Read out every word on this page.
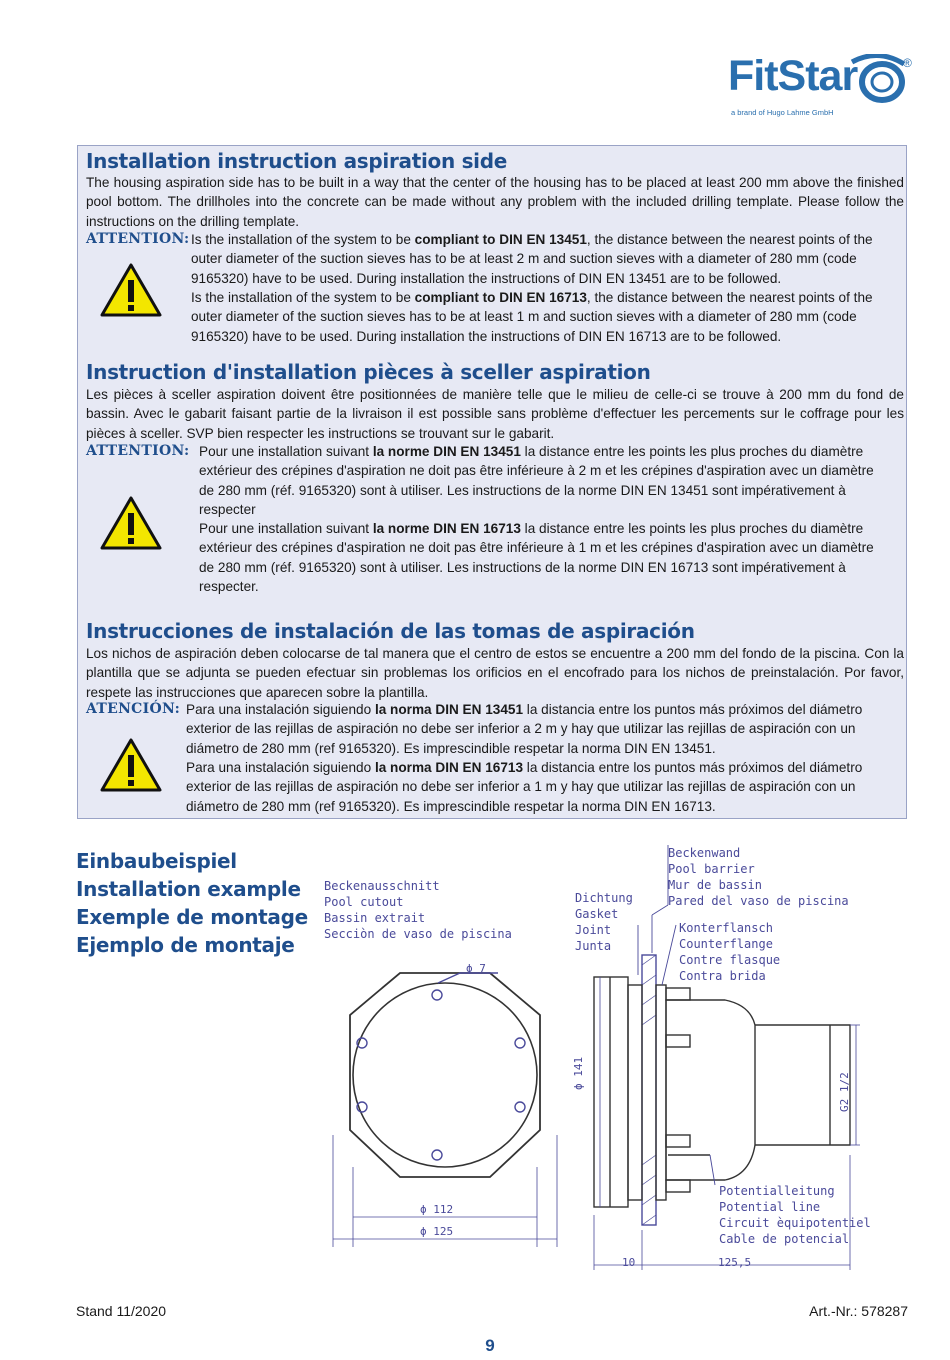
FitStar	®
a brand of Hugo Lahme GmbH
Installation instruction aspiration side
The housing aspiration side has to be built in a way that the center of the housing has to be placed at least 200 mm above the finished pool bottom. The drillholes into the concrete can be made without any problem with the included drilling template. Please follow the instructions on the drilling template.
ATTENTION: Is the installation of the system to be compliant to DIN EN 13451, the distance between the nearest points of the outer diameter of the suction sieves has to be at least 2 m and suction sieves with a diameter of 280 mm (code 9165320) have to be used. During installation the instructions of DIN EN 13451 are to be followed.
Is the installation of the system to be compliant to DIN EN 16713, the distance between the nearest points of the outer diameter of the suction sieves has to be at least 1 m and suction sieves with a diameter of 280 mm (code 9165320) have to be used. During installation the instructions of DIN EN 16713 are to be followed.
Instruction d'installation pièces à sceller aspiration
Les pièces à sceller aspiration doivent être positionnées de manière telle que le milieu de celle-ci se trouve à 200 mm du fond de bassin. Avec le gabarit faisant partie de la livraison il est possible sans problème d'effectuer les percements sur le coffrage pour les pièces à sceller. SVP bien respecter les instructions se trouvant sur le gabarit.
ATTENTION: Pour une installation suivant la norme DIN EN 13451 la distance entre les points les plus proches du diamètre extérieur des crépines d'aspiration ne doit pas être inférieure à 2 m et les crépines d'aspiration avec un diamètre de 280 mm (réf. 9165320) sont à utiliser. Les instructions de la norme DIN EN 13451 sont impérativement à respecter
Pour une installation suivant la norme DIN EN 16713 la distance entre les points les plus proches du diamètre extérieur des crépines d'aspiration ne doit pas être inférieure à 1 m et les crépines d'aspiration avec un diamètre de 280 mm (réf. 9165320) sont à utiliser. Les instructions de la norme DIN EN 16713 sont impérativement à respecter.
Instrucciones de instalación de las tomas de aspiración
Los nichos de aspiración deben colocarse de tal manera que el centro de estos se encuentre a 200 mm del fondo de la piscina. Con la plantilla que se adjunta se pueden efectuar sin problemas los orificios en el encofrado para los nichos de preinstalación. Por favor, respete las instrucciones que aparecen sobre la plantilla.
ATENCIÓN: Para una instalación siguiendo la norma DIN EN 13451 la distancia entre los puntos más próximos del diámetro exterior de las rejillas de aspiración no debe ser inferior a 2 m y hay que utilizar las rejillas de aspiración con un diámetro de 280 mm (ref 9165320). Es imprescindible respetar la norma DIN EN 13451.
Para una instalación siguiendo la norma DIN EN 16713 la distancia entre los puntos más próximos del diámetro exterior de las rejillas de aspiración no debe ser inferior a 1 m y hay que utilizar las rejillas de aspiración con un diámetro de 280 mm (ref 9165320). Es imprescindible respetar la norma DIN EN 16713.
Einbaubeispiel
Installation example
Exemple de montage
Ejemplo de montaje
Beckenausschnitt
Pool cutout
Bassin extrait
Secciòn de vaso de piscina
ϕ 7
ϕ 112
ϕ 125
Beckenwand
Pool barrier
Mur de bassin
Pared del vaso de piscina
Dichtung
Gasket
Joint
Junta
Konterflansch
Counterflange
Contre flasque
Contra brida
ϕ 141	G2 1/2
Potentialleitung
Potential line
Circuit èquipotentiel
Cable de potencial
10	125,5
Stand 11/2020	Art.-Nr.: 578287
9
